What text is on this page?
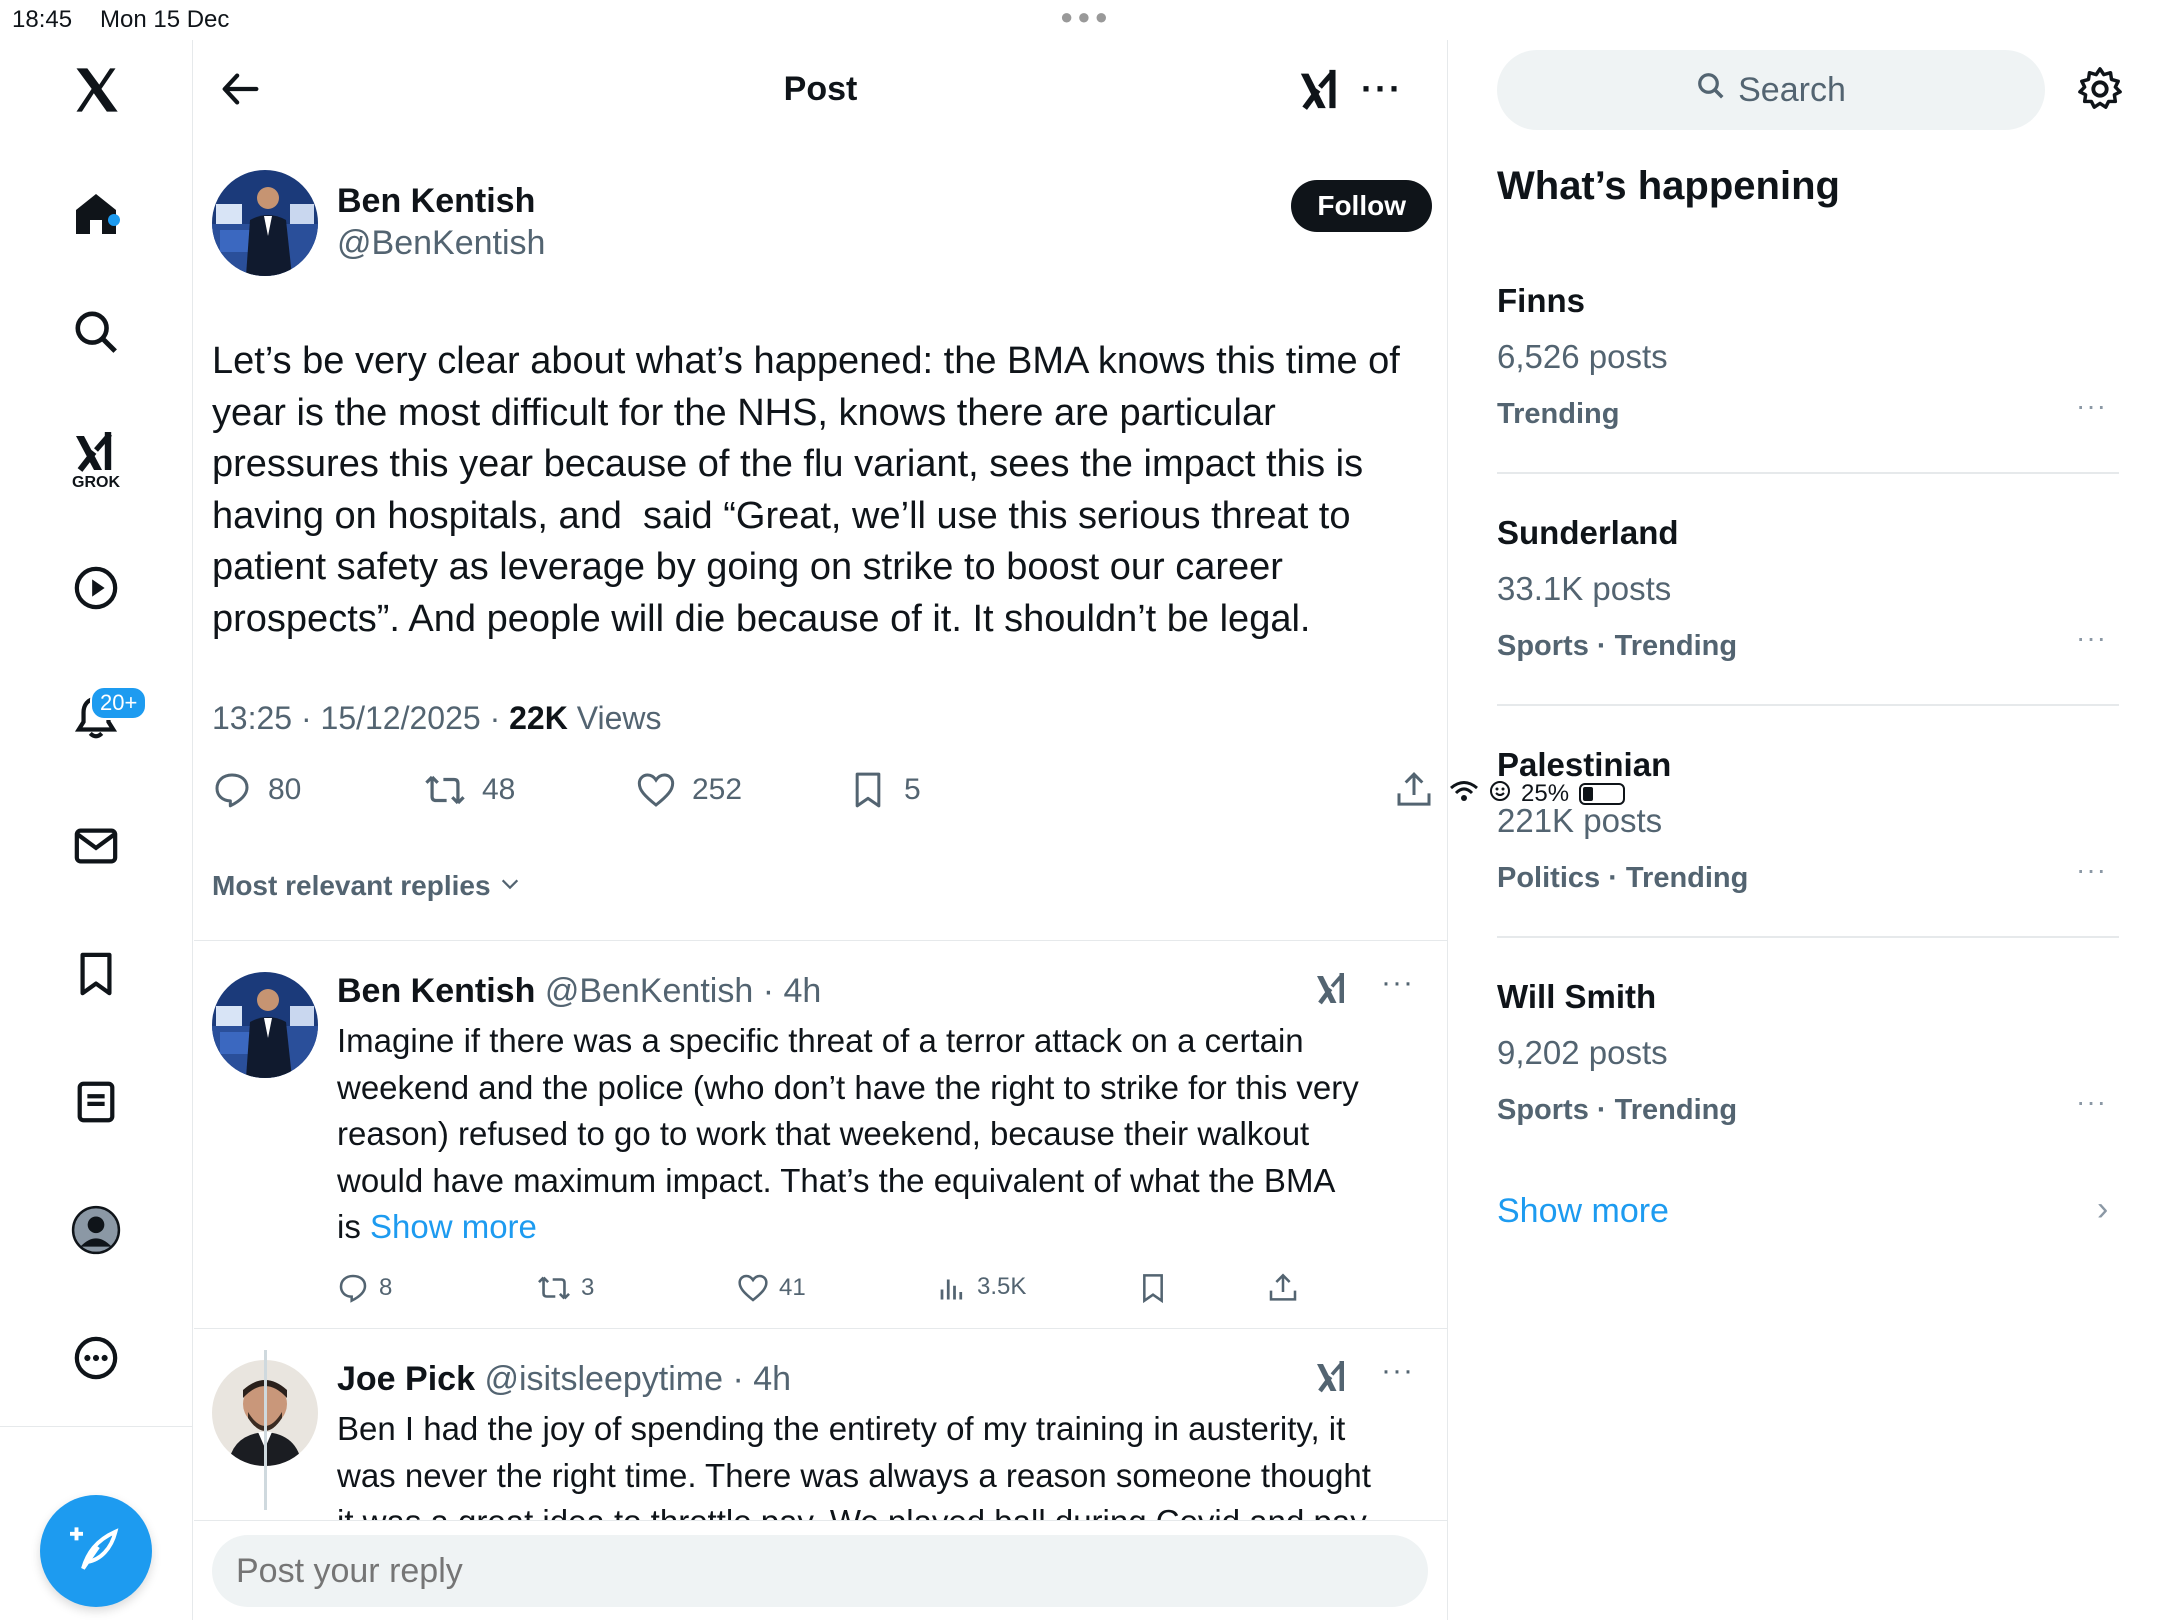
18:45 Mon 15 Dec	●●●
25%
GROK
20+
Post	···
Ben Kentish
@BenKentish
Follow
Let’s be very clear about what’s happened: the BMA knows this time of
year is the most difficult for the NHS, knows there are particular
pressures this year because of the flu variant, sees the impact this is
having on hospitals, and  said “Great, we’ll use this serious threat to
patient safety as leverage by going on strike to boost our career
prospects”. And people will die because of it. It shouldn’t be legal.
13:25 · 15/12/2025 · 22K Views
80	48	252	5
Most relevant replies
Ben Kentish @BenKentish · 4h	···
Imagine if there was a specific threat of a terror attack on a certain
weekend and the police (who don’t have the right to strike for this very
reason) refused to go to work that weekend, because their walkout
would have maximum impact. That’s the equivalent of what the BMA
is Show more
8	3	41	3.5K
Joe Pick @isitsleepytime · 4h	···
Ben I had the joy of spending the entirety of my training in austerity, it
was never the right time. There was always a reason someone thought

Post your reply
Search
What’s happening
Finns
6,526 posts
Trending	···
Sunderland
33.1K posts
Sports · Trending	···
Palestinian
221K posts
Politics · Trending	···
Will Smith
9,202 posts
Sports · Trending	···
Show more	›
